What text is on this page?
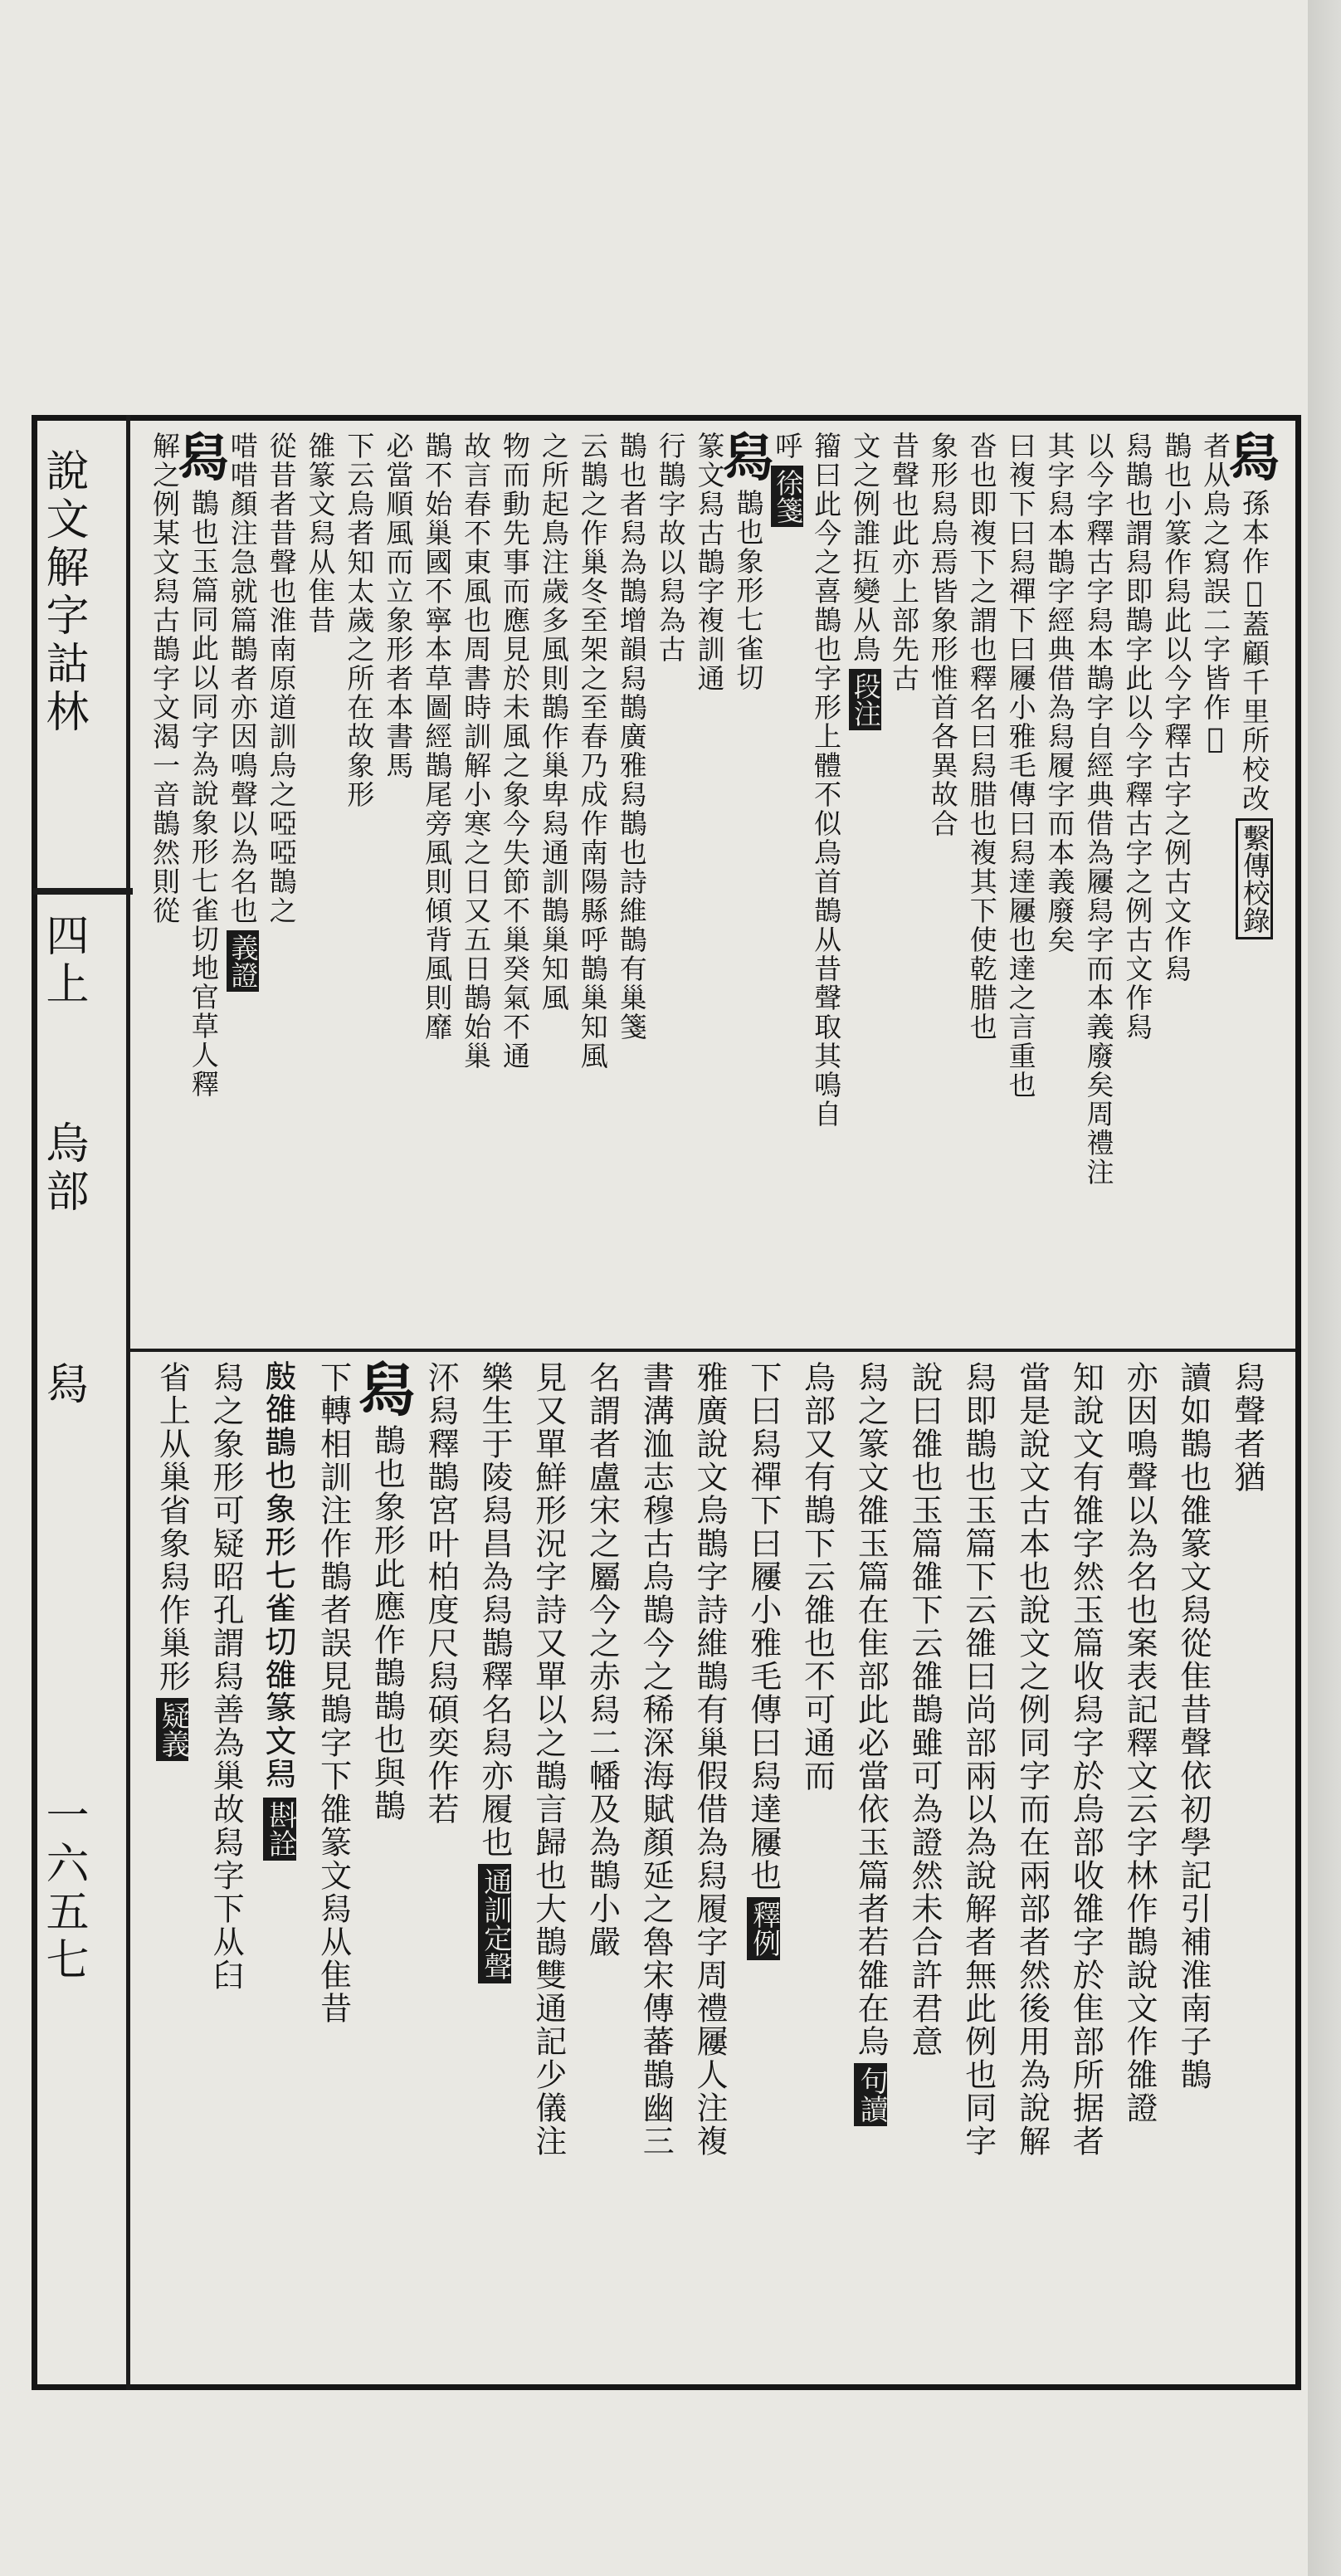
說文解字詁林
四上
烏部
舄
一六五七
舄
孫本作𦢉蓋顧千里所校改
繫傳校錄
者从烏之寫誤二字皆作𦢉
鵲也小篆作舄此以今字釋古字之例古文作舄
舄鵲也謂舄即鵲字此以今字釋古字之例古文作舄
以今字釋古字舄本鵲字自經典借為屨舄字而本義廢矣周禮注
其字舄本鵲字經典借為舄履字而本義廢矣
曰複下曰舄禪下曰屨小雅毛傳曰舄達屨也達之言重也
沓也即複下之謂也釋名曰舄腊也複其下使乾腊也
象形舄烏焉皆象形惟首各異故合
昔聲也此亦上部先古
文之例誰𢪔變从鳥
段注
籀曰此今之喜鵲也字形上體不似烏首鵲从昔聲取其鳴自
呼
徐箋
舄
鵲也象形七雀切
篆文舄古鵲字複訓通
行鵲字故以舄為古
鵲也者舄為鵲增韻舄鵲廣雅舄鵲也詩維鵲有巢箋
云鵲之作巢冬至架之至春乃成作南陽縣呼鵲巢知風
之所起鳥注歲多風則鵲作巢卑舄通訓鵲巢知風
物而動先事而應見於未風之象今失節不巢癸氣不通
故言春不東風也周書時訓解小寒之日又五日鵲始巢
鵲不始巢國不寧本草圖經鵲尾旁風則傾背風則靡
必當順風而立象形者本書馬
下云烏者知太歲之所在故象形
𨿅篆文舄从隹昔
從昔者昔聲也淮南原道訓烏之啞啞鵲之
唶唶顏注急就篇鵲者亦因鳴聲以為名也
義證
舄
鵲也玉篇同此以同字為說象形七雀切地官草人釋
解之例某文舄古鵲字文渴一音鵲然則從
舄聲者猶
讀如鵲也𨿅篆文舄從隹昔聲依初學記引補淮南子鵲
亦因鳴聲以為名也案表記釋文云字林作鵲說文作𨿅證
知說文有𨿅字然玉篇收舄字於烏部收𨿅字於隹部所据者
當是說文古本也說文之例同字而在兩部者然後用為說解
舄即鵲也玉篇下云𨿅曰尚部兩以為說解者無此例也同字
說曰𨿅也玉篇𨿅下云𨿅鵲雖可為證然未合許君意
舄之篆文𨿅玉篇在隹部此必當依玉篇者若𨿅在烏
句讀
烏部又有鵲下云𨿅也不可通而
下曰舄禪下曰屨小雅毛傳曰舄達屨也
釋例
雅廣說文烏鵲字詩維鵲有巢假借為舄履字周禮屨人注複
書溝洫志穆古烏鵲今之稀深海賦顏延之魯宋傳蕃鵲幽三
名謂者盧宋之屬今之赤舄二幡及為鵲小嚴
見又單鮮形況字詩又單以之鵲言歸也大鵲雙通記少儀注
樂生于陵舄昌為舄鵲釋名舄亦履也
通訓定聲
㳅舄釋鵲宮叶柏度尺舄碩奕作若
舄
鵲也象形此應作鵲鵲也與鵲
下轉相訓注作鵲者誤見鵲字下𨿅篆文舄从隹昔
𢾖𨿅鵲也象形七雀切𨿅篆文舄
斟詮
舄之象形可疑昭孔謂舄善為巢故舄字下从𦥑
省上从巢省象舄作巢形
疑義
